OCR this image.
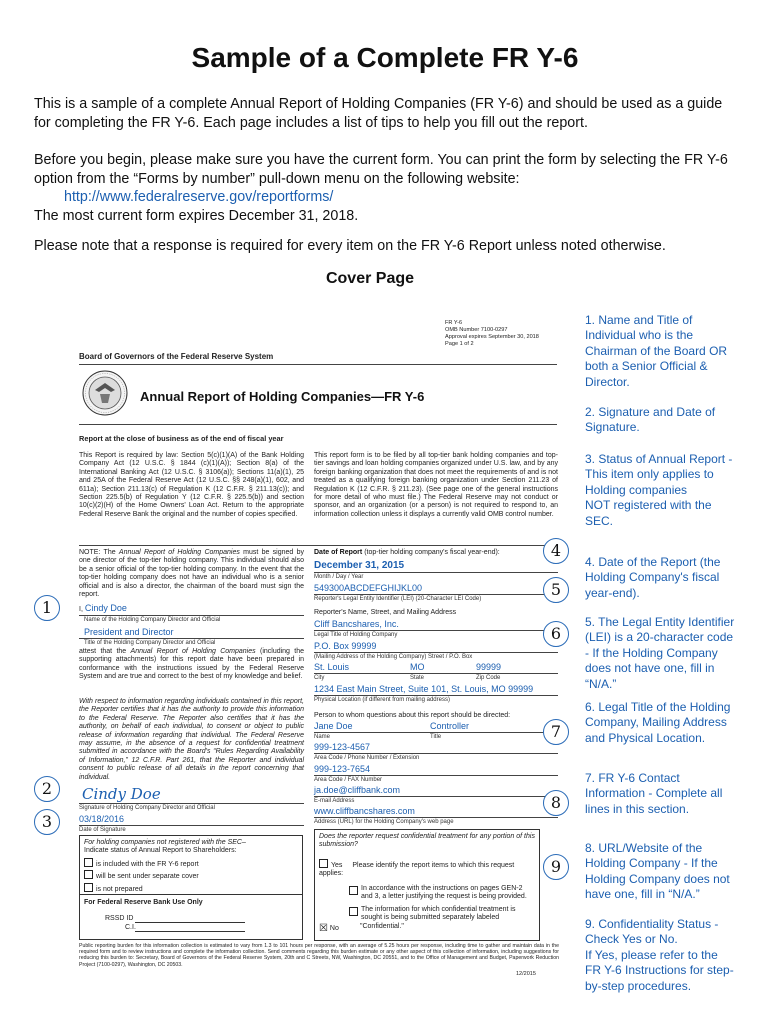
Sample of a Complete FR Y-6
This is a sample of a complete Annual Report of Holding Companies (FR Y-6) and should be used as a guide for completing the FR Y-6. Each page includes a list of tips to help you fill out the report.
Before you begin, please make sure you have the current form. You can print the form by selecting the FR Y-6 option from the “Forms by number” pull-down menu on the following website:
http://www.federalreserve.gov/reportforms/
The most current form expires December 31, 2018.
Please note that a response is required for every item on the FR Y-6 Report unless noted otherwise.
Cover Page
FR Y-6
OMB Number 7100-0297
Approval expires September 30, 2018
Page 1 of 2
Board of Governors of the Federal Reserve System
Annual Report of Holding Companies—FR Y-6
Report at the close of business as of the end of fiscal year
This Report is required by law: Section 5(c)(1)(A) of the Bank Holding Company Act (12 U.S.C. § 1844 (c)(1)(A)); Section 8(a) of the International Banking Act (12 U.S.C. § 3106(a)); Sections 11(a)(1), 25 and 25A of the Federal Reserve Act (12 U.S.C. §§ 248(a)(1), 602, and 611a); Section 211.13(c) of Regulation K (12 C.F.R. § 211.13(c)); and Section 225.5(b) of Regulation Y (12 C.F.R. § 225.5(b)) and section 10(c)(2)(H) of the Home Owners' Loan Act. Return to the appropriate Federal Reserve Bank the original and the number of copies specified.
This report form is to be filed by all top-tier bank holding companies and top-tier savings and loan holding companies organized under U.S. law, and by any foreign banking organization that does not meet the requirements of and is not treated as a qualifying foreign banking organization under Section 211.23 of Regulation K (12 C.F.R. § 211.23). (See page one of the general instructions for more detail of who must file.) The Federal Reserve may not conduct or sponsor, and an organization (or a person) is not required to respond to, an information collection unless it displays a currently valid OMB control number.
NOTE: The Annual Report of Holding Companies must be signed by one director of the top-tier holding company. This individual should also be a senior official of the top-tier holding company. In the event that the top-tier holding company does not have an individual who is a senior official and is also a director, the chairman of the board must sign the report.
I, Cindy Doe
Name of the Holding Company Director and Official
President and Director
Title of the Holding Company Director and Official
attest that the Annual Report of Holding Companies (including the supporting attachments) for this report date have been prepared in conformance with the instructions issued by the Federal Reserve System and are true and correct to the best of my knowledge and belief.
With respect to information regarding individuals contained in this report, the Reporter certifies that it has the authority to provide this information to the Federal Reserve. The Reporter also certifies that it has the authority, on behalf of each individual, to consent or object to public release of information regarding that individual. The Federal Reserve may assume, in the absence of a request for confidential treatment submitted in accordance with the Board's “Rules Regarding Availability of Information,” 12 C.F.R. Part 261, that the Reporter and individual consent to public release of all details in the report concerning that individual.
Cindy Doe
Signature of Holding Company Director and Official
03/18/2016
Date of Signature
For holding companies not registered with the SEC–
Indicate status of Annual Report to Shareholders:
is included with the FR Y-6 report
will be sent under separate cover
is not prepared
For Federal Reserve Bank Use Only
RSSD ID
C.I.
Date of Report (top-tier holding company's fiscal year-end):
December 31, 2015
Month / Day / Year
549300ABCDEFGHIJKL00
Reporter's Legal Entity Identifier (LEI) (20-Character LEI Code)
Reporter's Name, Street, and Mailing Address
Cliff Bancshares, Inc.
Legal Title of Holding Company
P.O. Box 99999
(Mailing Address of the Holding Company) Street / P.O. Box
St. Louis	MO	99999
City	State	Zip Code
1234 East Main Street, Suite 101, St. Louis, MO 99999
Physical Location (if different from mailing address)
Person to whom questions about this report should be directed:
Jane Doe	Controller
Name	Title
999-123-4567
Area Code / Phone Number / Extension
999-123-7654
Area Code / FAX Number
ja.doe@cliffbank.com
E-mail Address
www.cliffbancshares.com
Address (URL) for the Holding Company's web page
Does the reporter request confidential treatment for any portion of this submission?
Yes Please identify the report items to which this request applies:
In accordance with the instructions on pages GEN-2 and 3, a letter justifying the request is being provided.
The information for which confidential treatment is sought is being submitted separately labeled "Confidential."
☒ No
Public reporting burden for this information collection is estimated to vary from 1.3 to 101 hours per response, with an average of 5.25 hours per response, including time to gather and maintain data in the required form and to review instructions and complete the information collection. Send comments regarding this burden estimate or any other aspect of this collection of information, including suggestions for reducing this burden to: Secretary, Board of Governors of the Federal Reserve System, 20th and C Streets, NW, Washington, DC 20551, and to the Office of Management and Budget, Paperwork Reduction Project (7100-0297), Washington, DC 20503.
12/2015
1
2
3
4
5
6
7
8
9
1. Name and Title of Individual who is the Chairman of the Board OR both a Senior Official & Director.
2. Signature and Date of Signature.
3. Status of Annual Report - This item only applies to Holding companies
NOT registered with the SEC.
4. Date of the Report (the Holding Company's fiscal year-end).
5. The Legal Entity Identifier (LEI) is a 20-character code - If the Holding Company does not have one, fill in “N/A.”
6. Legal Title of the Holding Company, Mailing Address and Physical Location.
7. FR Y-6 Contact Information - Complete all lines in this section.
8. URL/Website of the Holding Company - If the Holding Company does not have one, fill in “N/A.”
9. Confidentiality Status - Check Yes or No.
If Yes, please refer to the FR Y-6 Instructions for step-by-step procedures.
